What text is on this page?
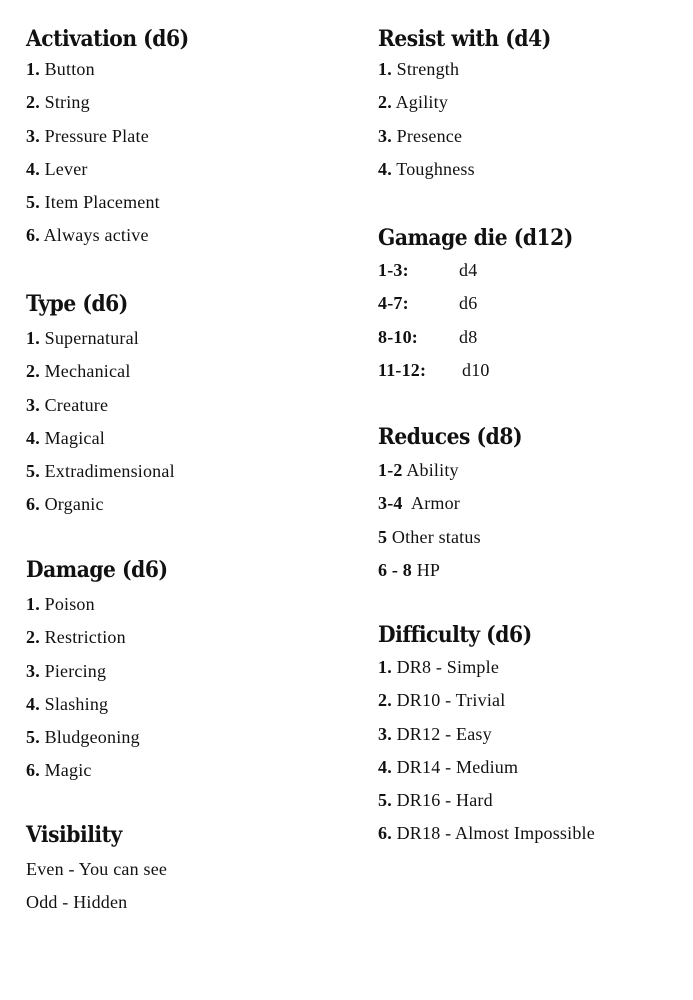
Activation (d6)
1. Button
2. String
3. Pressure Plate
4. Lever
5. Item Placement
6. Always active
Type (d6)
1. Supernatural
2. Mechanical
3. Creature
4. Magical
5. Extradimensional
6. Organic
Damage (d6)
1. Poison
2. Restriction
3. Piercing
4. Slashing
5. Bludgeoning
6. Magic
Visibility
Even - You can see
Odd - Hidden
Resist with (d4)
1. Strength
2. Agility
3. Presence
4. Toughness
Gamage die (d12)
1-3:	d4
4-7:	d6
8-10: d8
11-12: d10
Reduces (d8)
1-2 Ability
3-4  Armor
5 Other status
6 - 8 HP
Difficulty (d6)
1. DR8 - Simple
2. DR10 - Trivial
3. DR12 - Easy
4. DR14 - Medium
5. DR16 - Hard
6. DR18 - Almost Impossible
